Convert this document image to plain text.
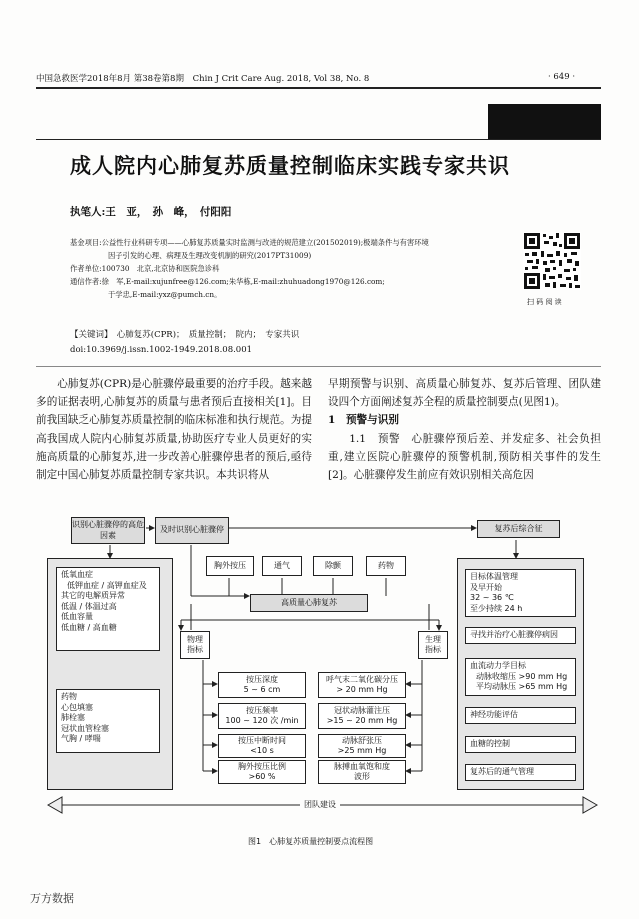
中国急救医学2018年8月 第38卷第8期 Chin J Crit Care Aug. 2018, Vol 38, No. 8	· 649 ·
成人院内心肺复苏质量控制临床实践专家共识
执笔人:王　亚，　孙　峰，　付阳阳
基金项目:公益性行业科研专项——心肺复苏质量实时监测与改进的规范建立(201502019);极端条件与有害环境
因子引发的心理、病理及生理改变机制的研究(2017PT31009)
作者单位:100730　北京,北京协和医院急诊科
通信作者:徐　军,E-mail:xujunfree@126.com;朱华栋,E-mail:zhuhuadong1970@126.com;
于学忠,E-mail:yxz@pumch.cn。
扫 码 阅 读
【关键词】　心肺复苏(CPR)；　质量控制；　院内；　专家共识
doi:10.3969/j.issn.1002-1949.2018.08.001

心肺复苏(CPR)是心脏骤停最重要的治疗手段。越来越多的证据表明,心肺复苏的质量与患者预后直接相关[1]。目前我国缺乏心肺复苏质量控制的临床标准和执行规范。为提高我国成人院内心肺复苏质量,协助医疗专业人员更好的实施高质量的心肺复苏,进一步改善心脏骤停患者的预后,亟待制定中国心肺复苏质量控制专家共识。本共识将从

早期预警与识别、高质量心肺复苏、复苏后管理、团队建设四个方面阐述复苏全程的质量控制要点(见图1)。

1　预警与识别

1.1　预警　心脏骤停预后差、并发症多、社会负担重,建立医院心脏骤停的预警机制,预防相关事件的发生[2]。心脏骤停发生前应有效识别相关高危因

识别心脏骤停的高危因素
及时识别心脏骤停	复苏后综合征
低氧血症
低钾血症 / 高钾血症及
其它的电解质异常
低温 / 体温过高
低血容量
低血糖 / 高血糖
药物
心包填塞
肺栓塞
冠状血管栓塞
气胸 / 哮喘
胸外按压	通气	除颤	药物
高质量心肺复苏
物理指标
生理指标
按压深度
5 ~ 6 cm
按压频率
100 ~ 120 次 /min
按压中断时间
<10 s
胸外按压比例
>60 %
呼气末二氧化碳分压
> 20 mm Hg
冠状动脉灌注压
>15 ~ 20 mm Hg
动脉舒张压
>25 mm Hg
脉搏血氧饱和度
波形
目标体温管理
及早开始
32 ~ 36 ℃
至少持续 24 h
寻找并治疗心脏骤停病因
血流动力学目标
动脉收缩压 >90 mm Hg
平均动脉压 >65 mm Hg
神经功能评估
血糖的控制
复苏后的通气管理
团队建设
图1　心肺复苏质量控制要点流程图
万方数据
